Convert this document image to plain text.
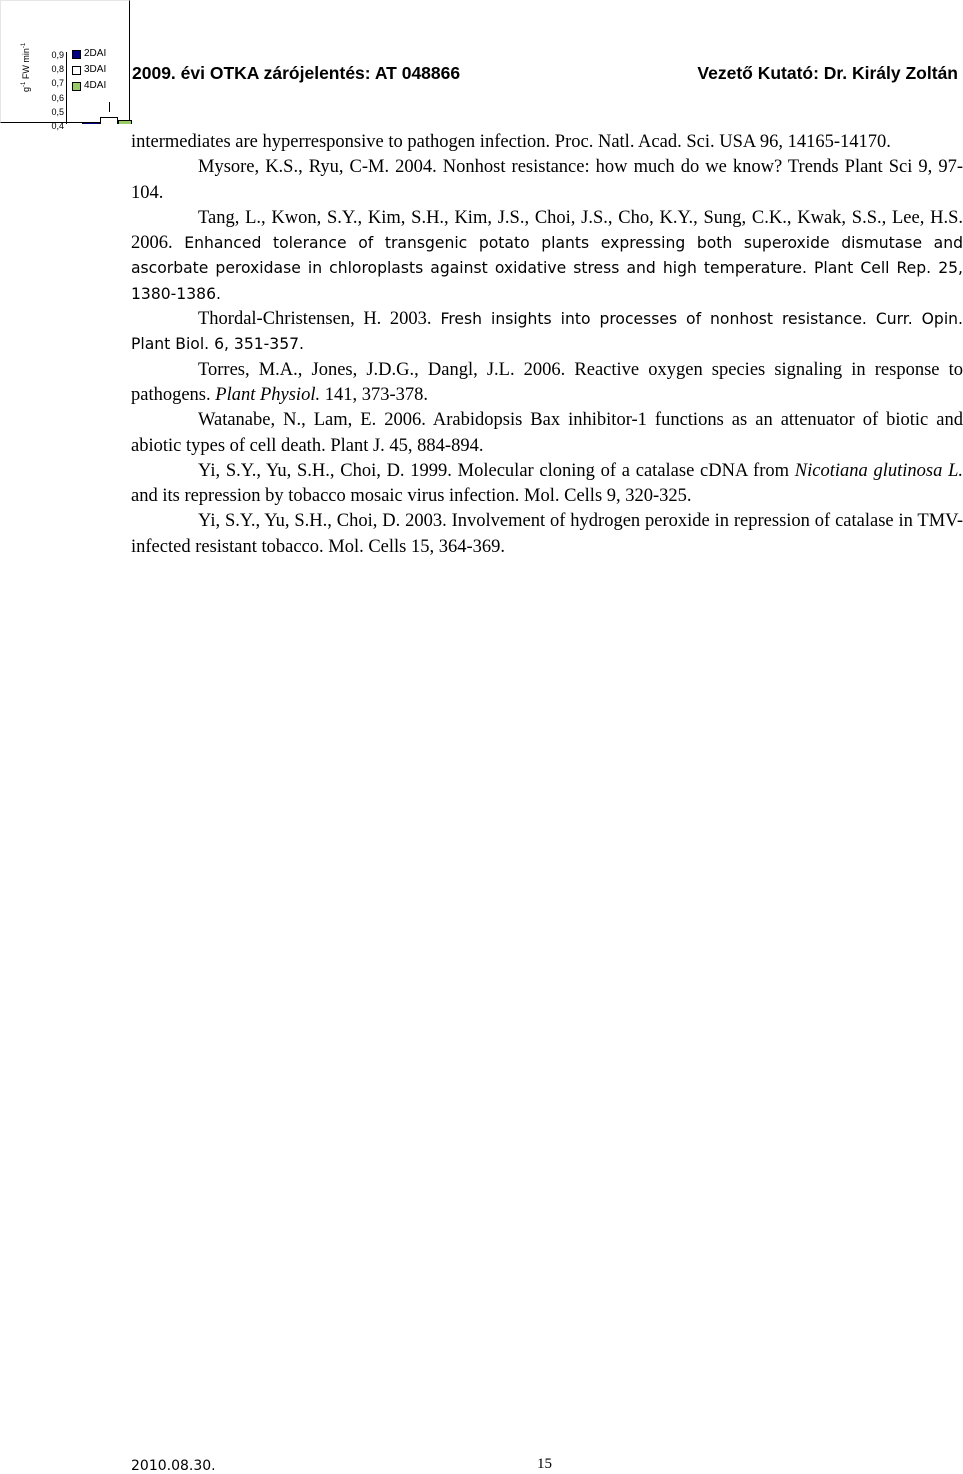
$g^{-1}$ FW $\min^{-1}$
0,9
0,8
0,7
0,6
0,5
0,4
2DAI
3DAI
4DAI
2009. évi OTKA zárójelentés: AT 048866	Vezető Kutató: Dr. Király Zoltán

intermediates are hyperresponsive to pathogen infection. Proc. Natl. Acad. Sci. USA 96, 14165-14170.

Mysore, K.S., Ryu, C-M. 2004. Nonhost resistance: how much do we know? Trends Plant Sci 9, 97-104.

Tang, L., Kwon, S.Y., Kim, S.H., Kim, J.S., Choi, J.S., Cho, K.Y., Sung, C.K., Kwak, S.S., Lee, H.S. 2006. Enhanced tolerance of transgenic potato plants expressing both superoxide dismutase and ascorbate peroxidase in chloroplasts against oxidative stress and high temperature. Plant Cell Rep. 25, 1380-1386.

Thordal-Christensen, H. 2003. Fresh insights into processes of nonhost resistance. Curr. Opin. Plant Biol. 6, 351-357.

Torres, M.A., Jones, J.D.G., Dangl, J.L. 2006. Reactive oxygen species signaling in response to pathogens. Plant Physiol. 141, 373-378.

Watanabe, N., Lam, E. 2006. Arabidopsis Bax inhibitor-1 functions as an attenuator of biotic and abiotic types of cell death. Plant J. 45, 884-894.

Yi, S.Y., Yu, S.H., Choi, D. 1999. Molecular cloning of a catalase cDNA from Nicotiana glutinosa L. and its repression by tobacco mosaic virus infection. Mol. Cells 9, 320-325.

Yi, S.Y., Yu, S.H., Choi, D. 2003. Involvement of hydrogen peroxide in repression of catalase in TMV-infected resistant tobacco. Mol. Cells 15, 364-369.

2010.08.30.	15
